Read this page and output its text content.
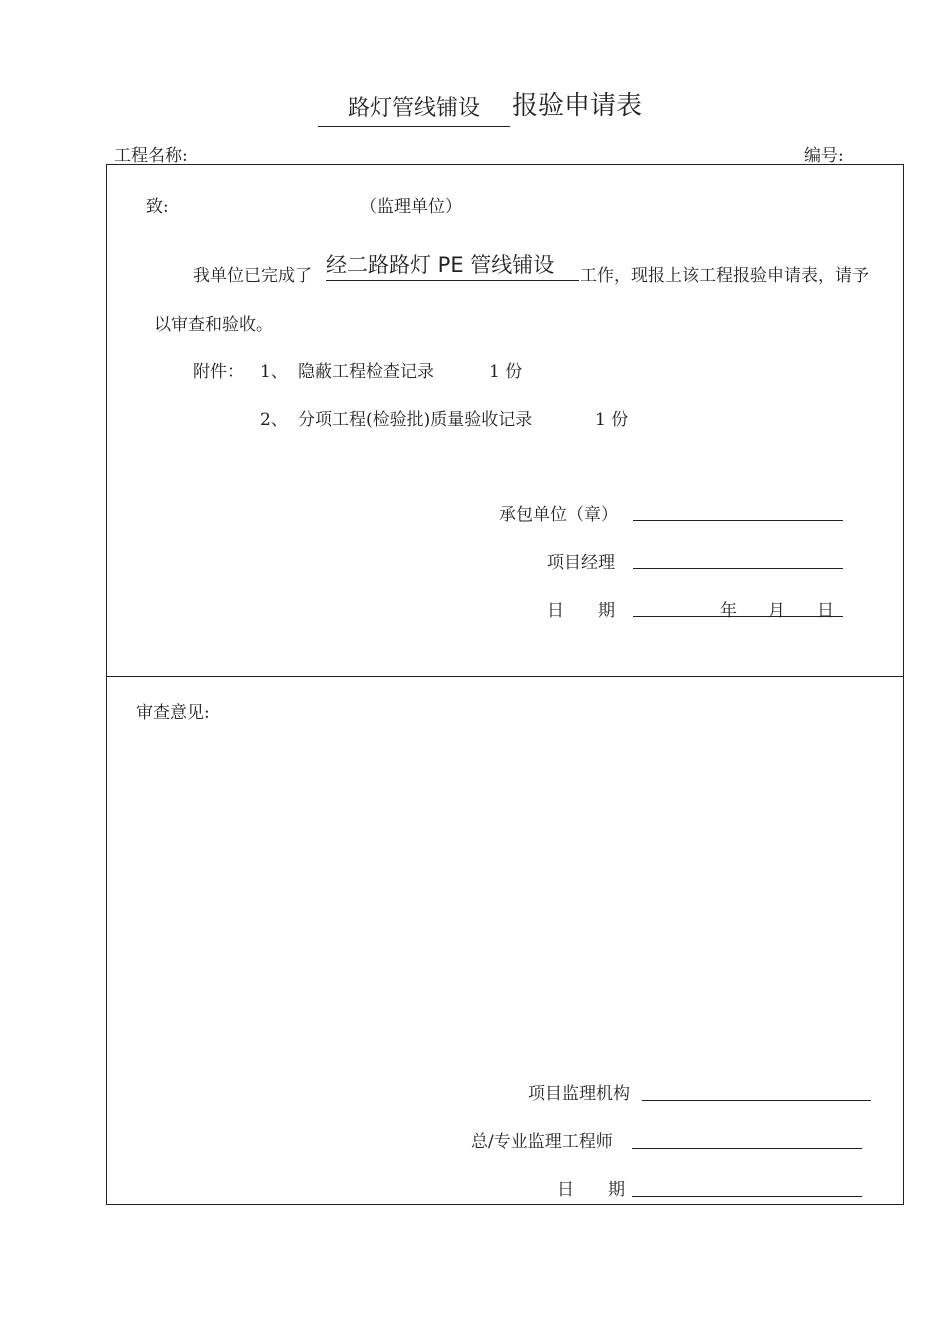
路灯管线铺设	报验申请表
工程名称:	编号:
致:	（监理单位）
我单位已完成了 经二路路灯 PE 管线铺设	工作，现报上该工程报验申请表，请予
以审查和验收。
附件： 1、 隐蔽工程检查记录	1 份
2、 分项工程(检验批)质量验收记录	1 份
承包单位（章）
项目经理
日　　期	年 月 日
审查意见:
项目监理机构
总/专业监理工程师
日　　期
